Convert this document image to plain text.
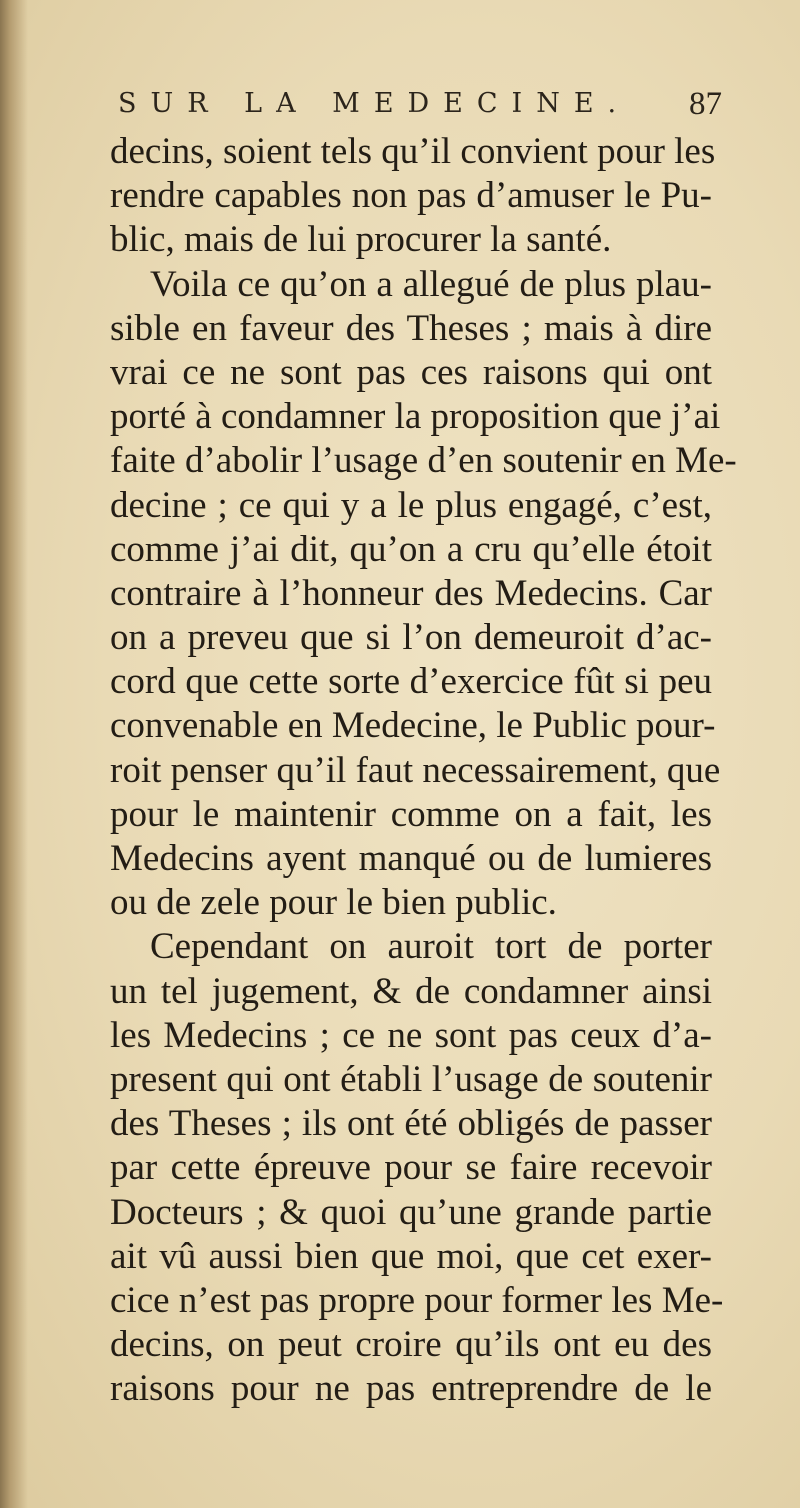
SUR LA MEDECINE. 87
decins, soient tels qu’il convient pour les
rendre capables non pas d’amuser le Pu-
blic, mais de lui procurer la santé.
Voila ce qu’on a allegué de plus plau-
sible en faveur des Theses ; mais à dire
vrai ce ne sont pas ces raisons qui ont
porté à condamner la proposition que j’ai
faite d’abolir l’usage d’en soutenir en Me-
decine ; ce qui y a le plus engagé, c’est,
comme j’ai dit, qu’on a cru qu’elle étoit
contraire à l’honneur des Medecins. Car
on a preveu que si l’on demeuroit d’ac-
cord que cette sorte d’exercice fût si peu
convenable en Medecine, le Public pour-
roit penser qu’il faut necessairement, que
pour le maintenir comme on a fait, les
Medecins ayent manqué ou de lumieres
ou de zele pour le bien public.
Cependant on auroit tort de porter
un tel jugement, & de condamner ainsi
les Medecins ; ce ne sont pas ceux d’a-
present qui ont établi l’usage de soutenir
des Theses ; ils ont été obligés de passer
par cette épreuve pour se faire recevoir
Docteurs ; & quoi qu’une grande partie
ait vû aussi bien que moi, que cet exer-
cice n’est pas propre pour former les Me-
decins, on peut croire qu’ils ont eu des
raisons pour ne pas entreprendre de le
